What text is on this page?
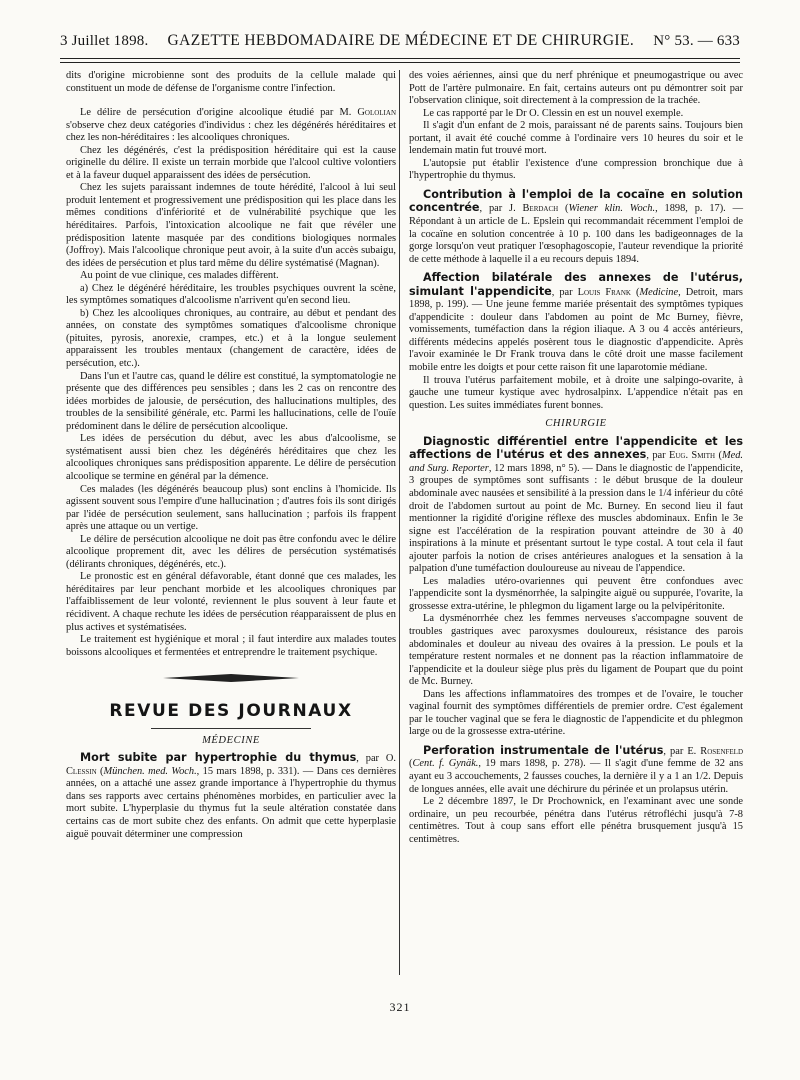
3 Juillet 1898. GAZETTE HEBDOMADAIRE DE MÉDECINE ET DE CHIRURGIE. N° 53. — 633

dits d'origine microbienne sont des produits de la cellule malade qui constituent un mode de défense de l'organisme contre l'infection.

Le délire de persécution d'origine alcoolique étudié par M. Gololian s'observe chez deux catégories d'individus : chez les dégénérés héréditaires et chez les non-héréditaires : les alcooliques chroniques.

Chez les dégénérés, c'est la prédisposition héréditaire qui est la cause originelle du délire. Il existe un terrain morbide que l'alcool cultive volontiers et à la faveur duquel apparaissent des idées de persécution.

Chez les sujets paraissant indemnes de toute hérédité, l'alcool à lui seul produit lentement et progressivement une prédisposition qui les place dans les mêmes conditions d'infériorité et de vulnérabilité psychique que les héréditaires. Parfois, l'intoxication alcoolique ne fait que révéler une prédisposition latente masquée par des conditions biologiques normales (Joffroy). Mais l'alcoolique chronique peut avoir, à la suite d'un accès subaigu, des idées de persécution et plus tard même du délire systématisé (Magnan).

Au point de vue clinique, ces malades diffèrent.

a) Chez le dégénéré héréditaire, les troubles psychiques ouvrent la scène, les symptômes somatiques d'alcoolisme n'arrivent qu'en second lieu.

b) Chez les alcooliques chroniques, au contraire, au début et pendant des années, on constate des symptômes somatiques d'alcoolisme chronique (pituites, pyrosis, anorexie, crampes, etc.) et à la longue seulement apparaissent les troubles mentaux (changement de caractère, idées de persécution, etc.).

Dans l'un et l'autre cas, quand le délire est constitué, la symptomatologie ne présente que des différences peu sensibles ; dans les 2 cas on rencontre des idées morbides de jalousie, de persécution, des hallucinations multiples, des troubles de la sensibilité générale, etc. Parmi les hallucinations, celle de l'ouïe prédominent dans le délire de persécution alcoolique.

Les idées de persécution du début, avec les abus d'alcoolisme, se systématisent aussi bien chez les dégénérés héréditaires que chez les alcooliques chroniques sans prédisposition apparente. Le délire de persécution alcoolique se termine en général par la démence.

Ces malades (les dégénérés beaucoup plus) sont enclins à l'homicide. Ils agissent souvent sous l'empire d'une hallucination ; d'autres fois ils sont dirigés par l'idée de persécution seulement, sans hallucination ; parfois ils frappent après une attaque ou un vertige.

Le délire de persécution alcoolique ne doit pas être confondu avec le délire alcoolique proprement dit, avec les délires de persécution systématisés (délirants chroniques, dégénérés, etc.).

Le pronostic est en général défavorable, étant donné que ces malades, les héréditaires par leur penchant morbide et les alcooliques chroniques par l'affaiblissement de leur volonté, reviennent le plus souvent à leur faute et récidivent. A chaque rechute les idées de persécution réapparaissent de plus en plus actives et systématisées.

Le traitement est hygiénique et moral ; il faut interdire aux malades toutes boissons alcooliques et fermentées et entreprendre le traitement psychique.

REVUE DES JOURNAUX
MÉDECINE

Mort subite par hypertrophie du thymus, par O. Clessin (München. med. Woch., 15 mars 1898, p. 331). — Dans ces dernières années, on a attaché une assez grande importance à l'hypertrophie du thymus dans ses rapports avec certains phénomènes morbides, en particulier avec la mort subite. L'hyperplasie du thymus fut la seule altération constatée dans certains cas de mort subite chez des enfants. On admit que cette hyperplasie aiguë pouvait déterminer une compression

des voies aériennes, ainsi que du nerf phrénique et pneumogastrique ou avec Pott de l'artère pulmonaire. En fait, certains auteurs ont pu démontrer soit par l'observation clinique, soit directement à la compression de la trachée.

Le cas rapporté par le Dr O. Clessin en est un nouvel exemple.

Il s'agit d'un enfant de 2 mois, paraissant né de parents sains. Toujours bien portant, il avait été couché comme à l'ordinaire vers 10 heures du soir et le lendemain matin fut trouvé mort.

L'autopsie put établir l'existence d'une compression bronchique due à l'hypertrophie du thymus.

Contribution à l'emploi de la cocaïne en solution concentrée, par J. Berdach (Wiener klin. Woch., 1898, p. 17). — Répondant à un article de L. Epslein qui recommandait récemment l'emploi de la cocaïne en solution concentrée à 10 p. 100 dans les badigeonnages de la gorge lorsqu'on veut pratiquer l'œsophagoscopie, l'auteur revendique la priorité de cette méthode à laquelle il a eu recours depuis 1894.

Affection bilatérale des annexes de l'utérus, simulant l'appendicite, par Louis Frank (Medicine, Detroit, mars 1898, p. 199). — Une jeune femme mariée présentait des symptômes typiques d'appendicite : douleur dans l'abdomen au point de Mc Burney, fièvre, vomissements, tuméfaction dans la région iliaque. A 3 ou 4 accès antérieurs, différents médecins appelés posèrent tous le diagnostic d'appendicite. Après l'avoir examinée le Dr Frank trouva dans le côté droit une masse facilement mobile entre les doigts et pour cette raison fit une laparotomie médiane.

Il trouva l'utérus parfaitement mobile, et à droite une salpingo-ovarite, à gauche une tumeur kystique avec hydrosalpinx. L'appendice n'était pas en question. Les suites immédiates furent bonnes.

CHIRURGIE

Diagnostic différentiel entre l'appendicite et les affections de l'utérus et des annexes, par Eug. Smith (Med. and Surg. Reporter, 12 mars 1898, n° 5). — Dans le diagnostic de l'appendicite, 3 groupes de symptômes sont suffisants : le début brusque de la douleur abdominale avec nausées et sensibilité à la pression dans le 1/4 inférieur du côté droit de l'abdomen surtout au point de Mc. Burney. En second lieu il faut mentionner la rigidité d'origine réflexe des muscles abdominaux. Enfin le 3e signe est l'accélération de la respiration pouvant atteindre de 30 à 40 inspirations à la minute et présentant surtout le type costal. A tout cela il faut ajouter parfois la notion de crises antérieures analogues et la sensation à la palpation d'une tuméfaction douloureuse au niveau de l'appendice.

Les maladies utéro-ovariennes qui peuvent être confondues avec l'appendicite sont la dysménorrhée, la salpingite aiguë ou suppurée, l'ovarite, la grossesse extra-utérine, le phlegmon du ligament large ou la pelvipéritonite.

La dysménorrhée chez les femmes nerveuses s'accompagne souvent de troubles gastriques avec paroxysmes douloureux, résistance des parois abdominales et douleur au niveau des ovaires à la pression. Le pouls et la température restent normales et ne donnent pas la réaction inflammatoire de l'appendicite et la douleur siège plus près du ligament de Poupart que du point de Mc. Burney.

Dans les affections inflammatoires des trompes et de l'ovaire, le toucher vaginal fournit des symptômes différentiels de premier ordre. C'est également par le toucher vaginal que se fera le diagnostic de l'appendicite et du phlegmon large ou de la grossesse extra-utérine.

Perforation instrumentale de l'utérus, par E. Rosenfeld (Cent. f. Gynäk., 19 mars 1898, p. 278). — Il s'agit d'une femme de 32 ans ayant eu 3 accouchements, 2 fausses couches, la dernière il y a 1 an 1/2. Depuis de longues années, elle avait une déchirure du périnée et un prolapsus utérin.

Le 2 décembre 1897, le Dr Prochownick, en l'examinant avec une sonde ordinaire, un peu recourbée, pénétra dans l'utérus rétrofléchi jusqu'à 7-8 centimètres. Tout à coup sans effort elle pénétra brusquement jusqu'à 15 centimètres.

321
